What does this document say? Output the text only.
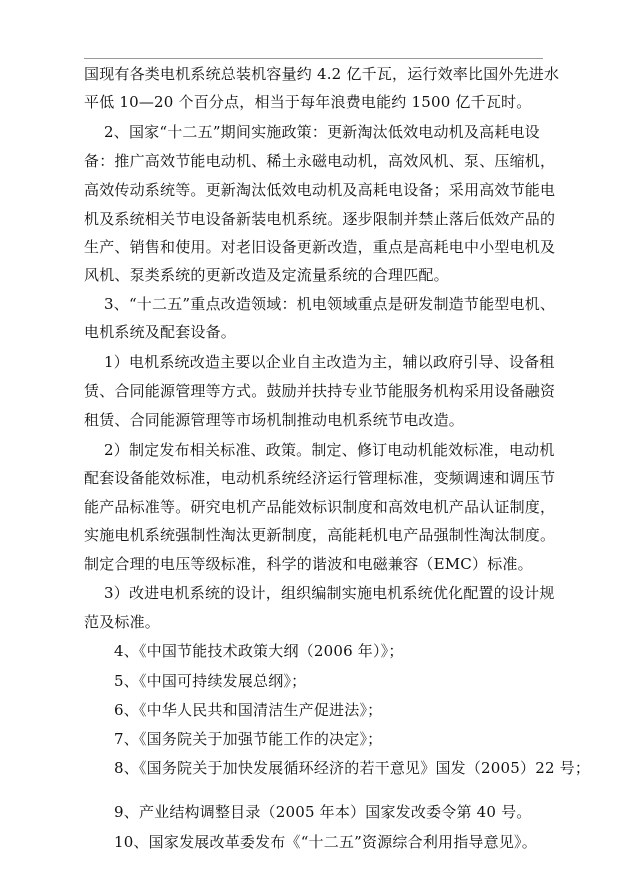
国现有各类电机系统总装机容量约 4.2 亿千瓦，运行效率比国外先进水
平低 10—20 个百分点，相当于每年浪费电能约 1500 亿千瓦时。
2、国家“十二五”期间实施政策：更新淘汰低效电动机及高耗电设
备：推广高效节能电动机、稀土永磁电动机，高效风机、泵、压缩机，
高效传动系统等。更新淘汰低效电动机及高耗电设备；采用高效节能电
机及系统相关节电设备新装电机系统。逐步限制并禁止落后低效产品的
生产、销售和使用。对老旧设备更新改造，重点是高耗电中小型电机及
风机、泵类系统的更新改造及定流量系统的合理匹配。
3、“十二五”重点改造领域：机电领域重点是研发制造节能型电机、
电机系统及配套设备。
1）电机系统改造主要以企业自主改造为主，辅以政府引导、设备租
赁、合同能源管理等方式。鼓励并扶持专业节能服务机构采用设备融资
租赁、合同能源管理等市场机制推动电机系统节电改造。
2）制定发布相关标准、政策。制定、修订电动机能效标准，电动机
配套设备能效标准，电动机系统经济运行管理标准，变频调速和调压节
能产品标准等。研究电机产品能效标识制度和高效电机产品认证制度，
实施电机系统强制性淘汰更新制度，高能耗机电产品强制性淘汰制度。
制定合理的电压等级标准，科学的谐波和电磁兼容（EMC）标准。
3）改进电机系统的设计，组织编制实施电机系统优化配置的设计规
范及标准。
4、《中国节能技术政策大纲（2006 年）》；
5、《中国可持续发展总纲》；
6、《中华人民共和国清洁生产促进法》；
7、《国务院关于加强节能工作的决定》；
8、《国务院关于加快发展循环经济的若干意见》国发（2005）22 号；
9、产业结构调整目录（2005 年本）国家发改委令第 40 号。
10、国家发展改革委发布《“十二五”资源综合利用指导意见》。
